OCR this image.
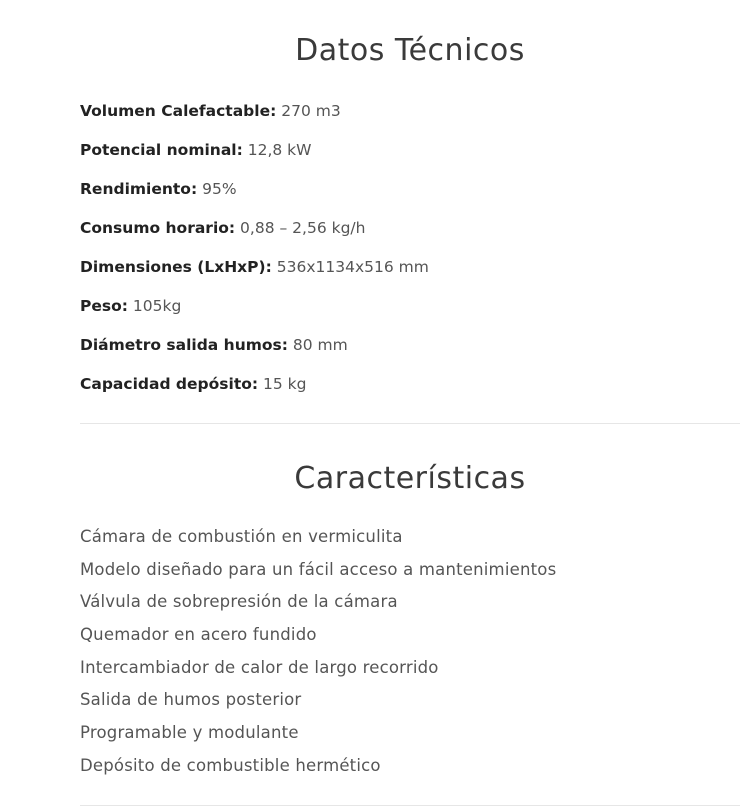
Datos Técnicos
Volumen Calefactable: 270 m3
Potencial nominal: 12,8 kW
Rendimiento: 95%
Consumo horario: 0,88 – 2,56 kg/h
Dimensiones (LxHxP): 536x1134x516 mm
Peso: 105kg
Diámetro salida humos: 80 mm
Capacidad depósito: 15 kg
Características
Cámara de combustión en vermiculita
Modelo diseñado para un fácil acceso a mantenimientos
Válvula de sobrepresión de la cámara
Quemador en acero fundido
Intercambiador de calor de largo recorrido
Salida de humos posterior
Programable y modulante
Depósito de combustible hermético
